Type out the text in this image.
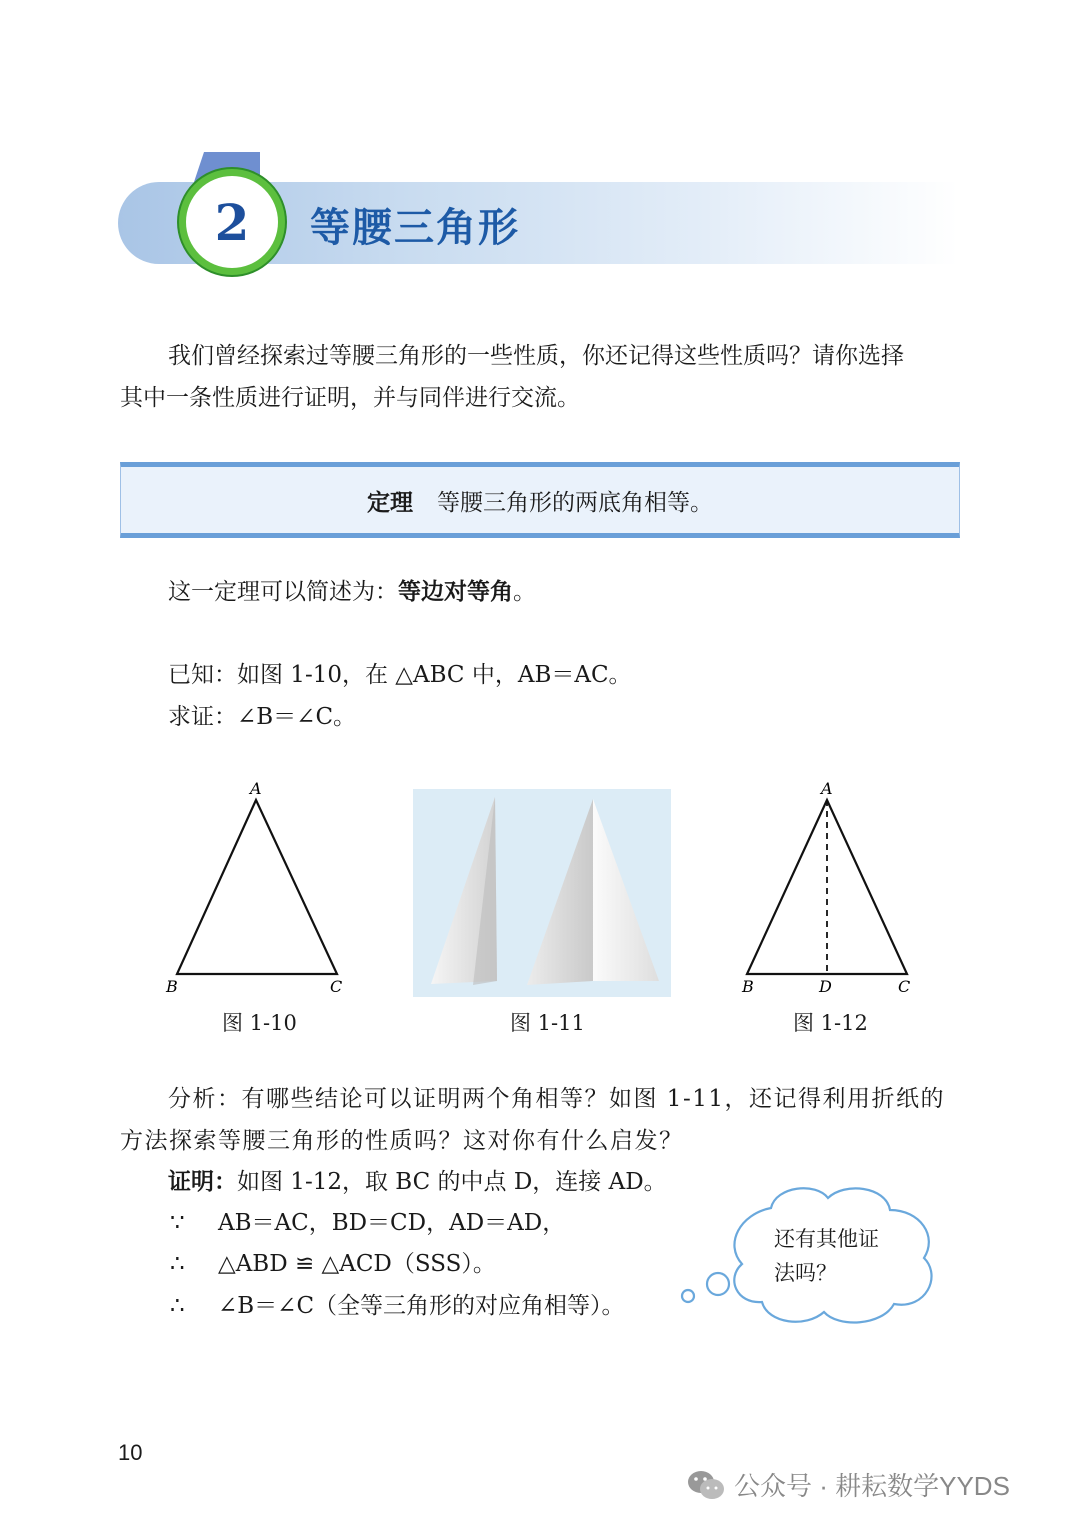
2 等腰三角形
我们曾经探索过等腰三角形的一些性质，你还记得这些性质吗？请你选择
其中一条性质进行证明，并与同伴进行交流。
定理 等腰三角形的两底角相等。
这一定理可以简述为：等边对等角。
已知：如图 1-10，在 △ABC 中，AB＝AC。
求证：∠B＝∠C。
A
B	C
图 1-10	图 1-11
A
B	D	C
图 1-12
分析：有哪些结论可以证明两个角相等？如图 1-11，还记得利用折纸的
方法探索等腰三角形的性质吗？这对你有什么启发？
证明：如图 1-12，取 BC 的中点 D，连接 AD。
∵ AB＝AC，BD＝CD，AD＝AD，
∴ △ABD ≌ △ACD（SSS）。
∴ ∠B＝∠C（全等三角形的对应角相等）。
还有其他证
法吗？
10
公众号 · 耕耘数学YYDS
